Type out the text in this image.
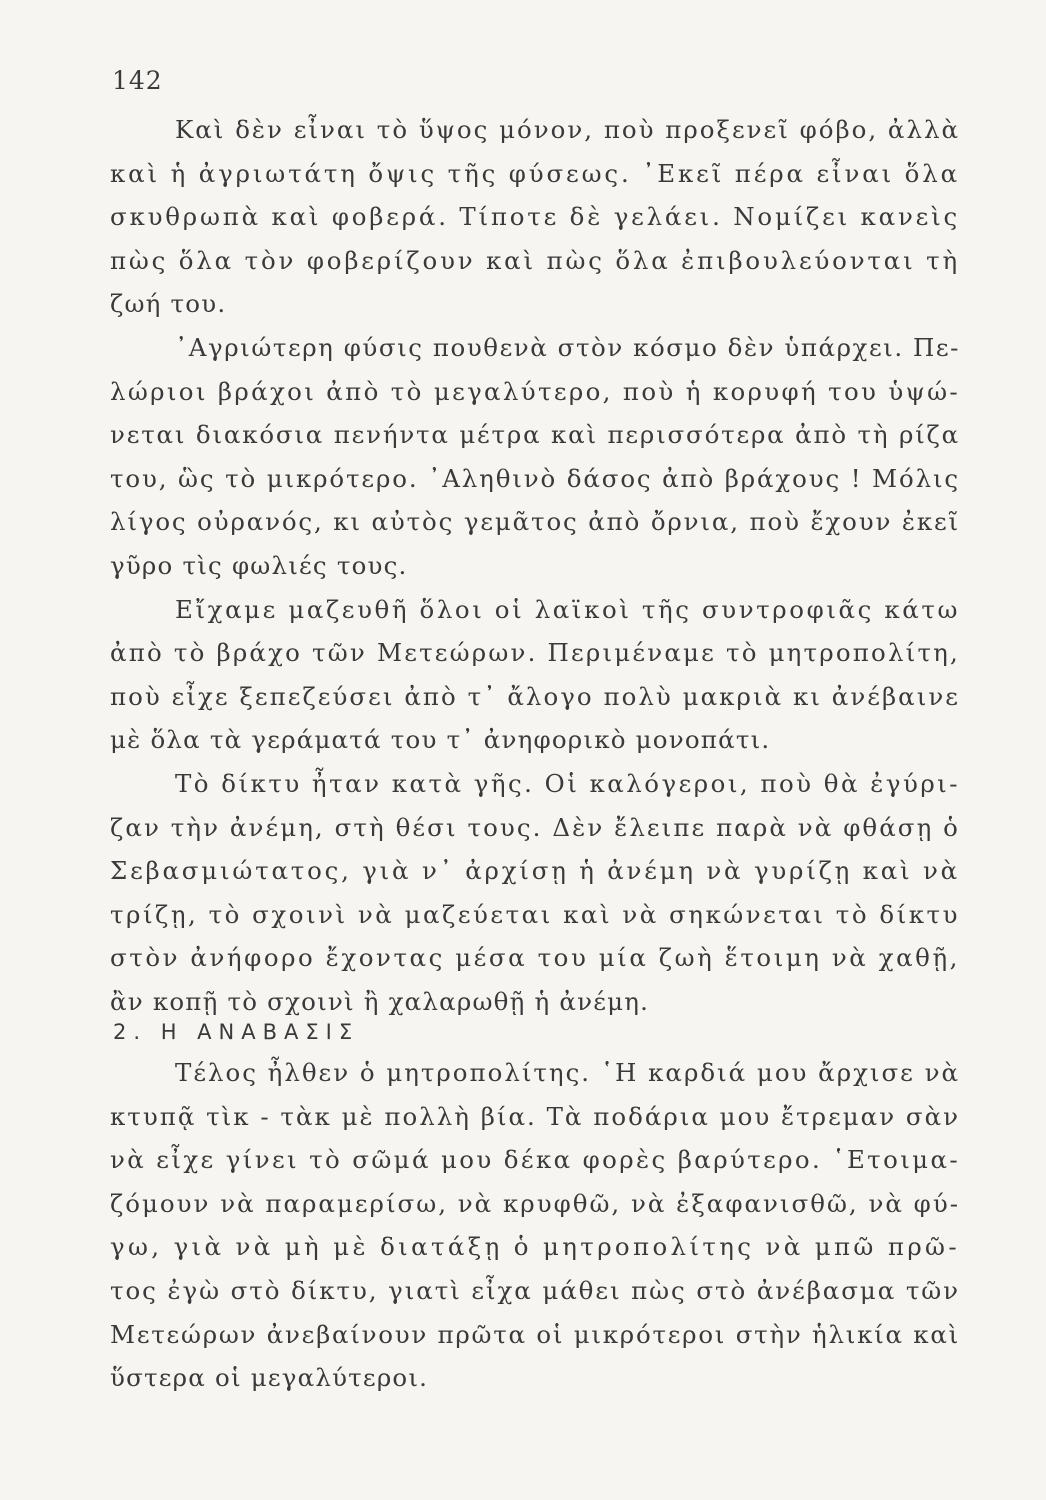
142
Καὶ δὲν εἶναι τὸ ὕψος μόνον, ποὺ προξενεῖ φόβο, ἀλλὰ
καὶ ἡ ἀγριωτάτη ὄψις τῆς φύσεως. ᾿Εκεῖ πέρα εἶναι ὅλα
σκυθρωπὰ καὶ φοβερά. Τίποτε δὲ γελάει. Νομίζει κανεὶς
πὼς ὅλα τὸν φοβερίζουν καὶ πὼς ὅλα ἐπιβουλεύονται τὴ
ζωή του.
᾿Αγριώτερη φύσις πουθενὰ στὸν κόσμο δὲν ὑπάρχει. Πε-
λώριοι βράχοι ἀπὸ τὸ μεγαλύτερο, ποὺ ἡ κορυφή του ὑψώ-
νεται διακόσια πενήντα μέτρα καὶ περισσότερα ἀπὸ τὴ ρίζα
του, ὣς τὸ μικρότερο. ᾿Αληθινὸ δάσος ἀπὸ βράχους ! Μόλις
λίγος οὐρανός, κι αὐτὸς γεμᾶτος ἀπὸ ὄρνια, ποὺ ἔχουν ἐκεῖ
γῦρο τὶς φωλιές τους.
Εἴχαμε μαζευθῆ ὅλοι οἱ λαϊκοὶ τῆς συντροφιᾶς κάτω
ἀπὸ τὸ βράχο τῶν Μετεώρων. Περιμέναμε τὸ μητροπολίτη,
ποὺ εἶχε ξεπεζεύσει ἀπὸ τ᾿ ἄλογο πολὺ μακριὰ κι ἀνέβαινε
μὲ ὅλα τὰ γεράματά του τ᾿ ἀνηφορικὸ μονοπάτι.
Τὸ δίκτυ ἦταν κατὰ γῆς. Οἱ καλόγεροι, ποὺ θὰ ἐγύρι-
ζαν τὴν ἀνέμη, στὴ θέσι τους. Δὲν ἔλειπε παρὰ νὰ φθάσῃ ὁ
Σεβασμιώτατος, γιὰ ν᾿ ἀρχίσῃ ἡ ἀνέμη νὰ γυρίζῃ καὶ νὰ
τρίζῃ, τὸ σχοινὶ νὰ μαζεύεται καὶ νὰ σηκώνεται τὸ δίκτυ
στὸν ἀνήφορο ἔχοντας μέσα του μία ζωὴ ἕτοιμη νὰ χαθῇ,
ἂν κοπῇ τὸ σχοινὶ ἢ χαλαρωθῇ ἡ ἀνέμη.
2. Η ΑΝΑΒΑΣΙΣ
Τέλος ἦλθεν ὁ μητροπολίτης. ῾Η καρδιά μου ἄρχισε νὰ
κτυπᾷ τὶκ - τὰκ μὲ πολλὴ βία. Τὰ ποδάρια μου ἔτρεμαν σὰν
νὰ εἶχε γίνει τὸ σῶμά μου δέκα φορὲς βαρύτερο. ῾Ετοιμα-
ζόμουν νὰ παραμερίσω, νὰ κρυφθῶ, νὰ ἐξαφανισθῶ, νὰ φύ-
γω, γιὰ νὰ μὴ μὲ διατάξῃ ὁ μητροπολίτης νὰ μπῶ πρῶ-
τος ἐγὼ στὸ δίκτυ, γιατὶ εἶχα μάθει πὼς στὸ ἀνέβασμα τῶν
Μετεώρων ἀνεβαίνουν πρῶτα οἱ μικρότεροι στὴν ἡλικία καὶ
ὕστερα οἱ μεγαλύτεροι.
